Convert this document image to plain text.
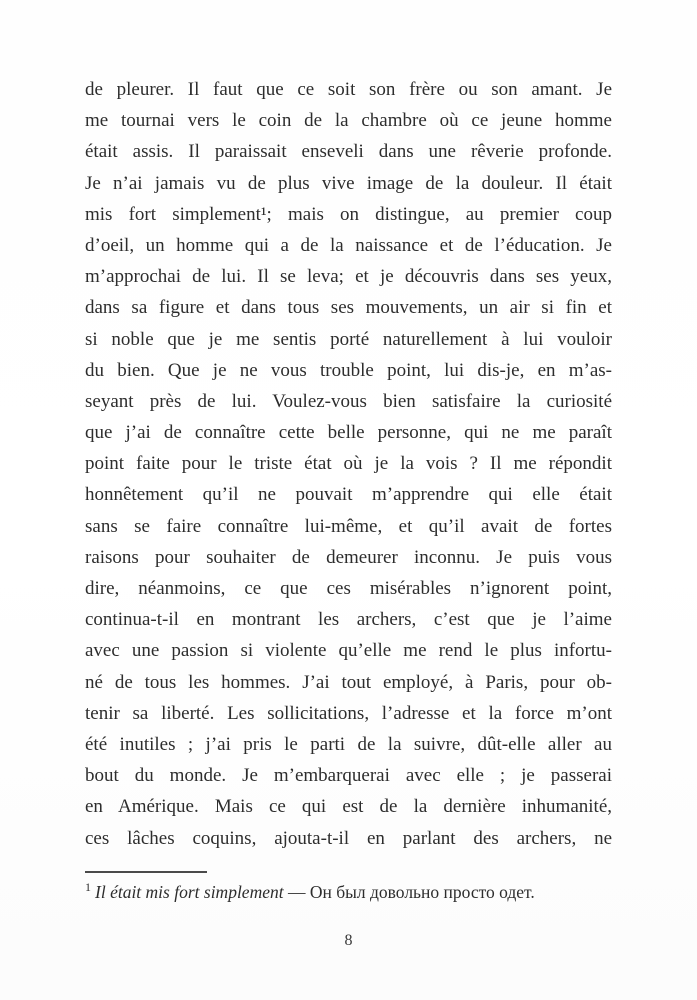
de pleurer. Il faut que ce soit son frère ou son amant. Je
me tournai vers le coin de la chambre où ce jeune homme
était assis. Il paraissait enseveli dans une rêverie profonde.
Je n’ai jamais vu de plus vive image de la douleur. Il était
mis fort simplement¹; mais on distingue, au premier coup
d’oeil, un homme qui a de la naissance et de l’éducation. Je
m’approchai de lui. Il se leva; et je découvris dans ses yeux,
dans sa figure et dans tous ses mouvements, un air si fin et
si noble que je me sentis porté naturellement à lui vouloir
du bien. Que je ne vous trouble point, lui dis-je, en m’as-
seyant près de lui. Voulez-vous bien satisfaire la curiosité
que j’ai de connaître cette belle personne, qui ne me paraît
point faite pour le triste état où je la vois ? Il me répondit
honnêtement qu’il ne pouvait m’apprendre qui elle était
sans se faire connaître lui-même, et qu’il avait de fortes
raisons pour souhaiter de demeurer inconnu. Je puis vous
dire, néanmoins, ce que ces misérables n’ignorent point,
continua-t-il en montrant les archers, c’est que je l’aime
avec une passion si violente qu’elle me rend le plus infortu-
né de tous les hommes. J’ai tout employé, à Paris, pour ob-
tenir sa liberté. Les sollicitations, l’adresse et la force m’ont
été inutiles ; j’ai pris le parti de la suivre, dût-elle aller au
bout du monde. Je m’embarquerai avec elle ; je passerai
en Amérique. Mais ce qui est de la dernière inhumanité,
ces lâches coquins, ajouta-t-il en parlant des archers, ne
$^1$ Il était mis fort simplement — Он был довольно просто одет.
8
